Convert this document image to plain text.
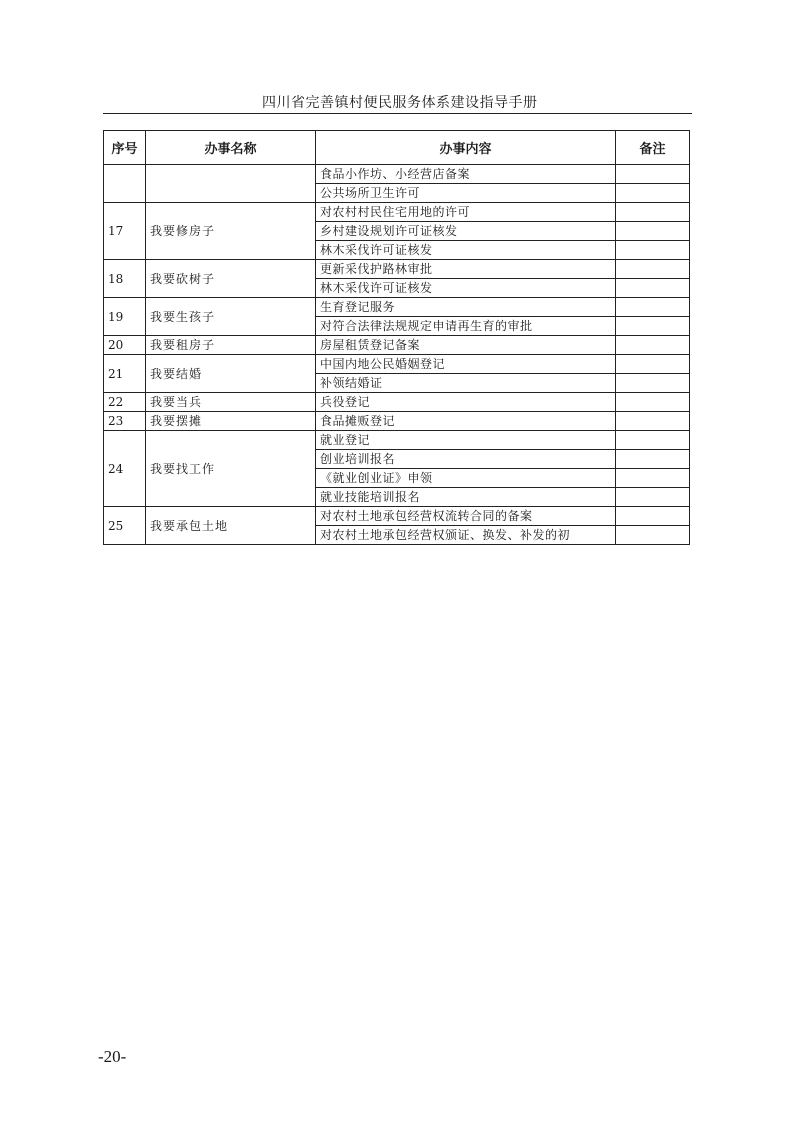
四川省完善镇村便民服务体系建设指导手册
序号	办事名称	办事内容	备注
		食品小作坊、小经营店备案	
		公共场所卫生许可	
17	我要修房子	对农村村民住宅用地的许可	
		乡村建设规划许可证核发	
		林木采伐许可证核发	
18	我要砍树子	更新采伐护路林审批	
		林木采伐许可证核发	
19	我要生孩子	生育登记服务	
		对符合法律法规规定申请再生育的审批	
20	我要租房子	房屋租赁登记备案	
21	我要结婚	中国内地公民婚姻登记	
		补领结婚证	
22	我要当兵	兵役登记	
23	我要摆摊	食品摊贩登记	
24	我要找工作	就业登记	
		创业培训报名	
		《就业创业证》申领	
		就业技能培训报名	
25	我要承包土地	对农村土地承包经营权流转合同的备案	
		对农村土地承包经营权颁证、换发、补发的初	
-20-
